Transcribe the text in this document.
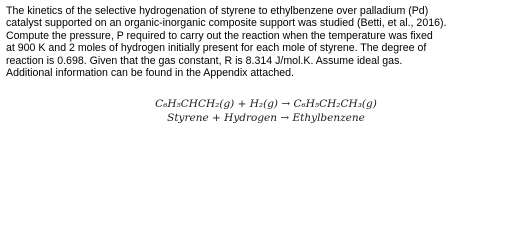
The kinetics of the selective hydrogenation of styrene to ethylbenzene over palladium (Pd)
catalyst supported on an organic-inorganic composite support was studied (Betti, et al., 2016).
Compute the pressure, P required to carry out the reaction when the temperature was fixed
at 900 K and 2 moles of hydrogen initially present for each mole of styrene. The degree of
reaction is 0.698. Given that the gas constant, R is 8.314 J/mol.K. Assume ideal gas.
Additional information can be found in the Appendix attached.

C₆H₅CHCH₂(g) + H₂(g) → C₆H₅CH₂CH₃(g)
Styrene + Hydrogen → Ethylbenzene
